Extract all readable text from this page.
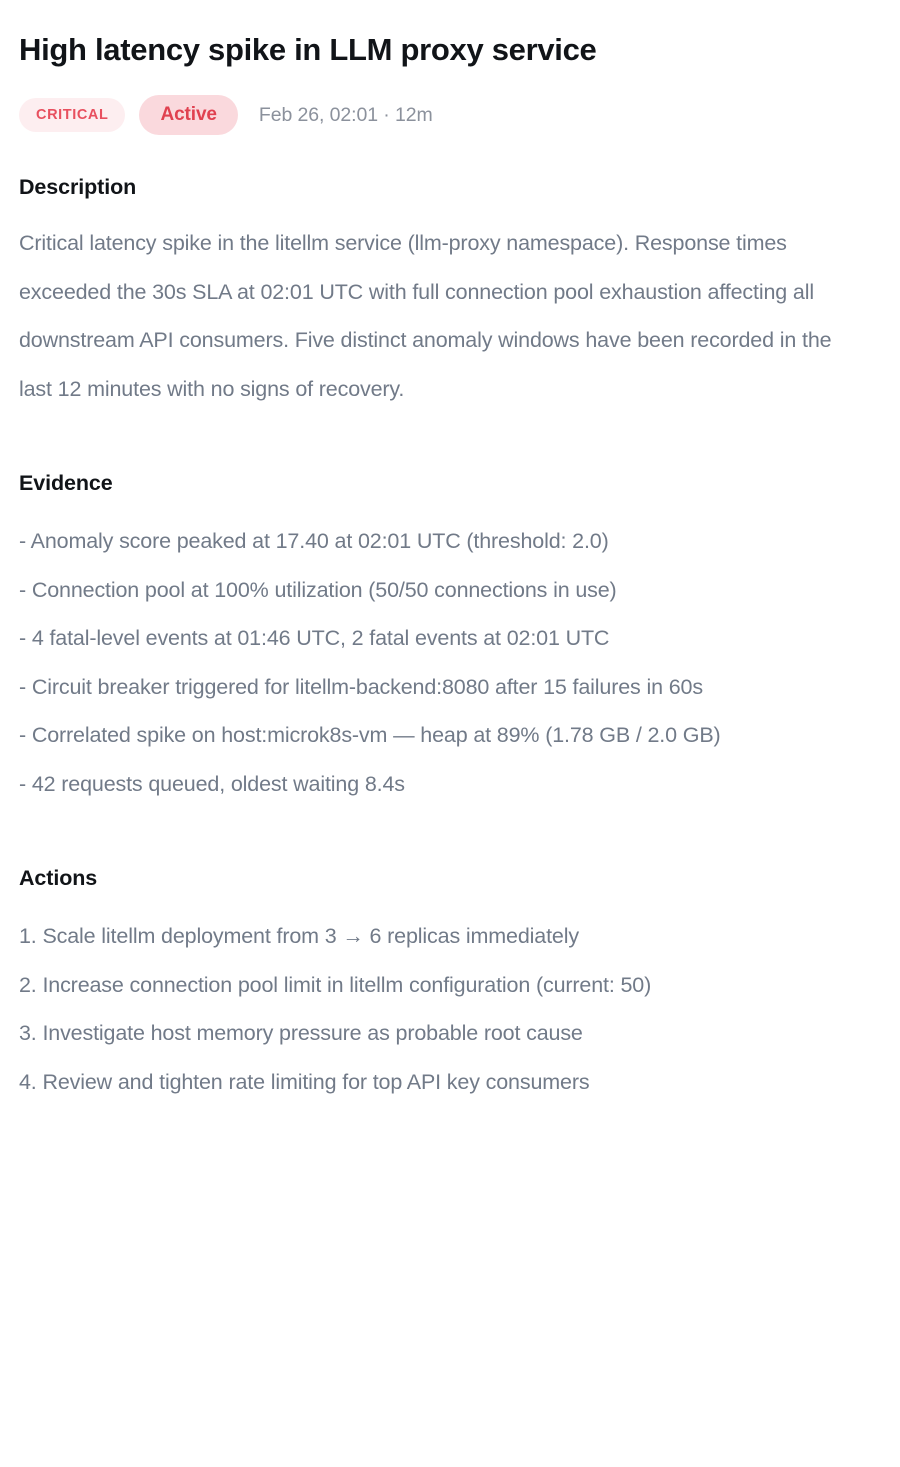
High latency spike in LLM proxy service
CRITICAL	Active	Feb 26, 02:01 · 12m
Description

Critical latency spike in the litellm service (llm-proxy namespace). Response times exceeded the 30s SLA at 02:01 UTC with full connection pool exhaustion affecting all downstream API consumers. Five distinct anomaly windows have been recorded in the last 12 minutes with no signs of recovery.

Evidence
- Anomaly score peaked at 17.40 at 02:01 UTC (threshold: 2.0)
- Connection pool at 100% utilization (50/50 connections in use)
- 4 fatal-level events at 01:46 UTC, 2 fatal events at 02:01 UTC
- Circuit breaker triggered for litellm-backend:8080 after 15 failures in 60s
- Correlated spike on host:microk8s-vm — heap at 89% (1.78 GB / 2.0 GB)
- 42 requests queued, oldest waiting 8.4s
Actions
1. Scale litellm deployment from 3 → 6 replicas immediately
2. Increase connection pool limit in litellm configuration (current: 50)
3. Investigate host memory pressure as probable root cause
4. Review and tighten rate limiting for top API key consumers
